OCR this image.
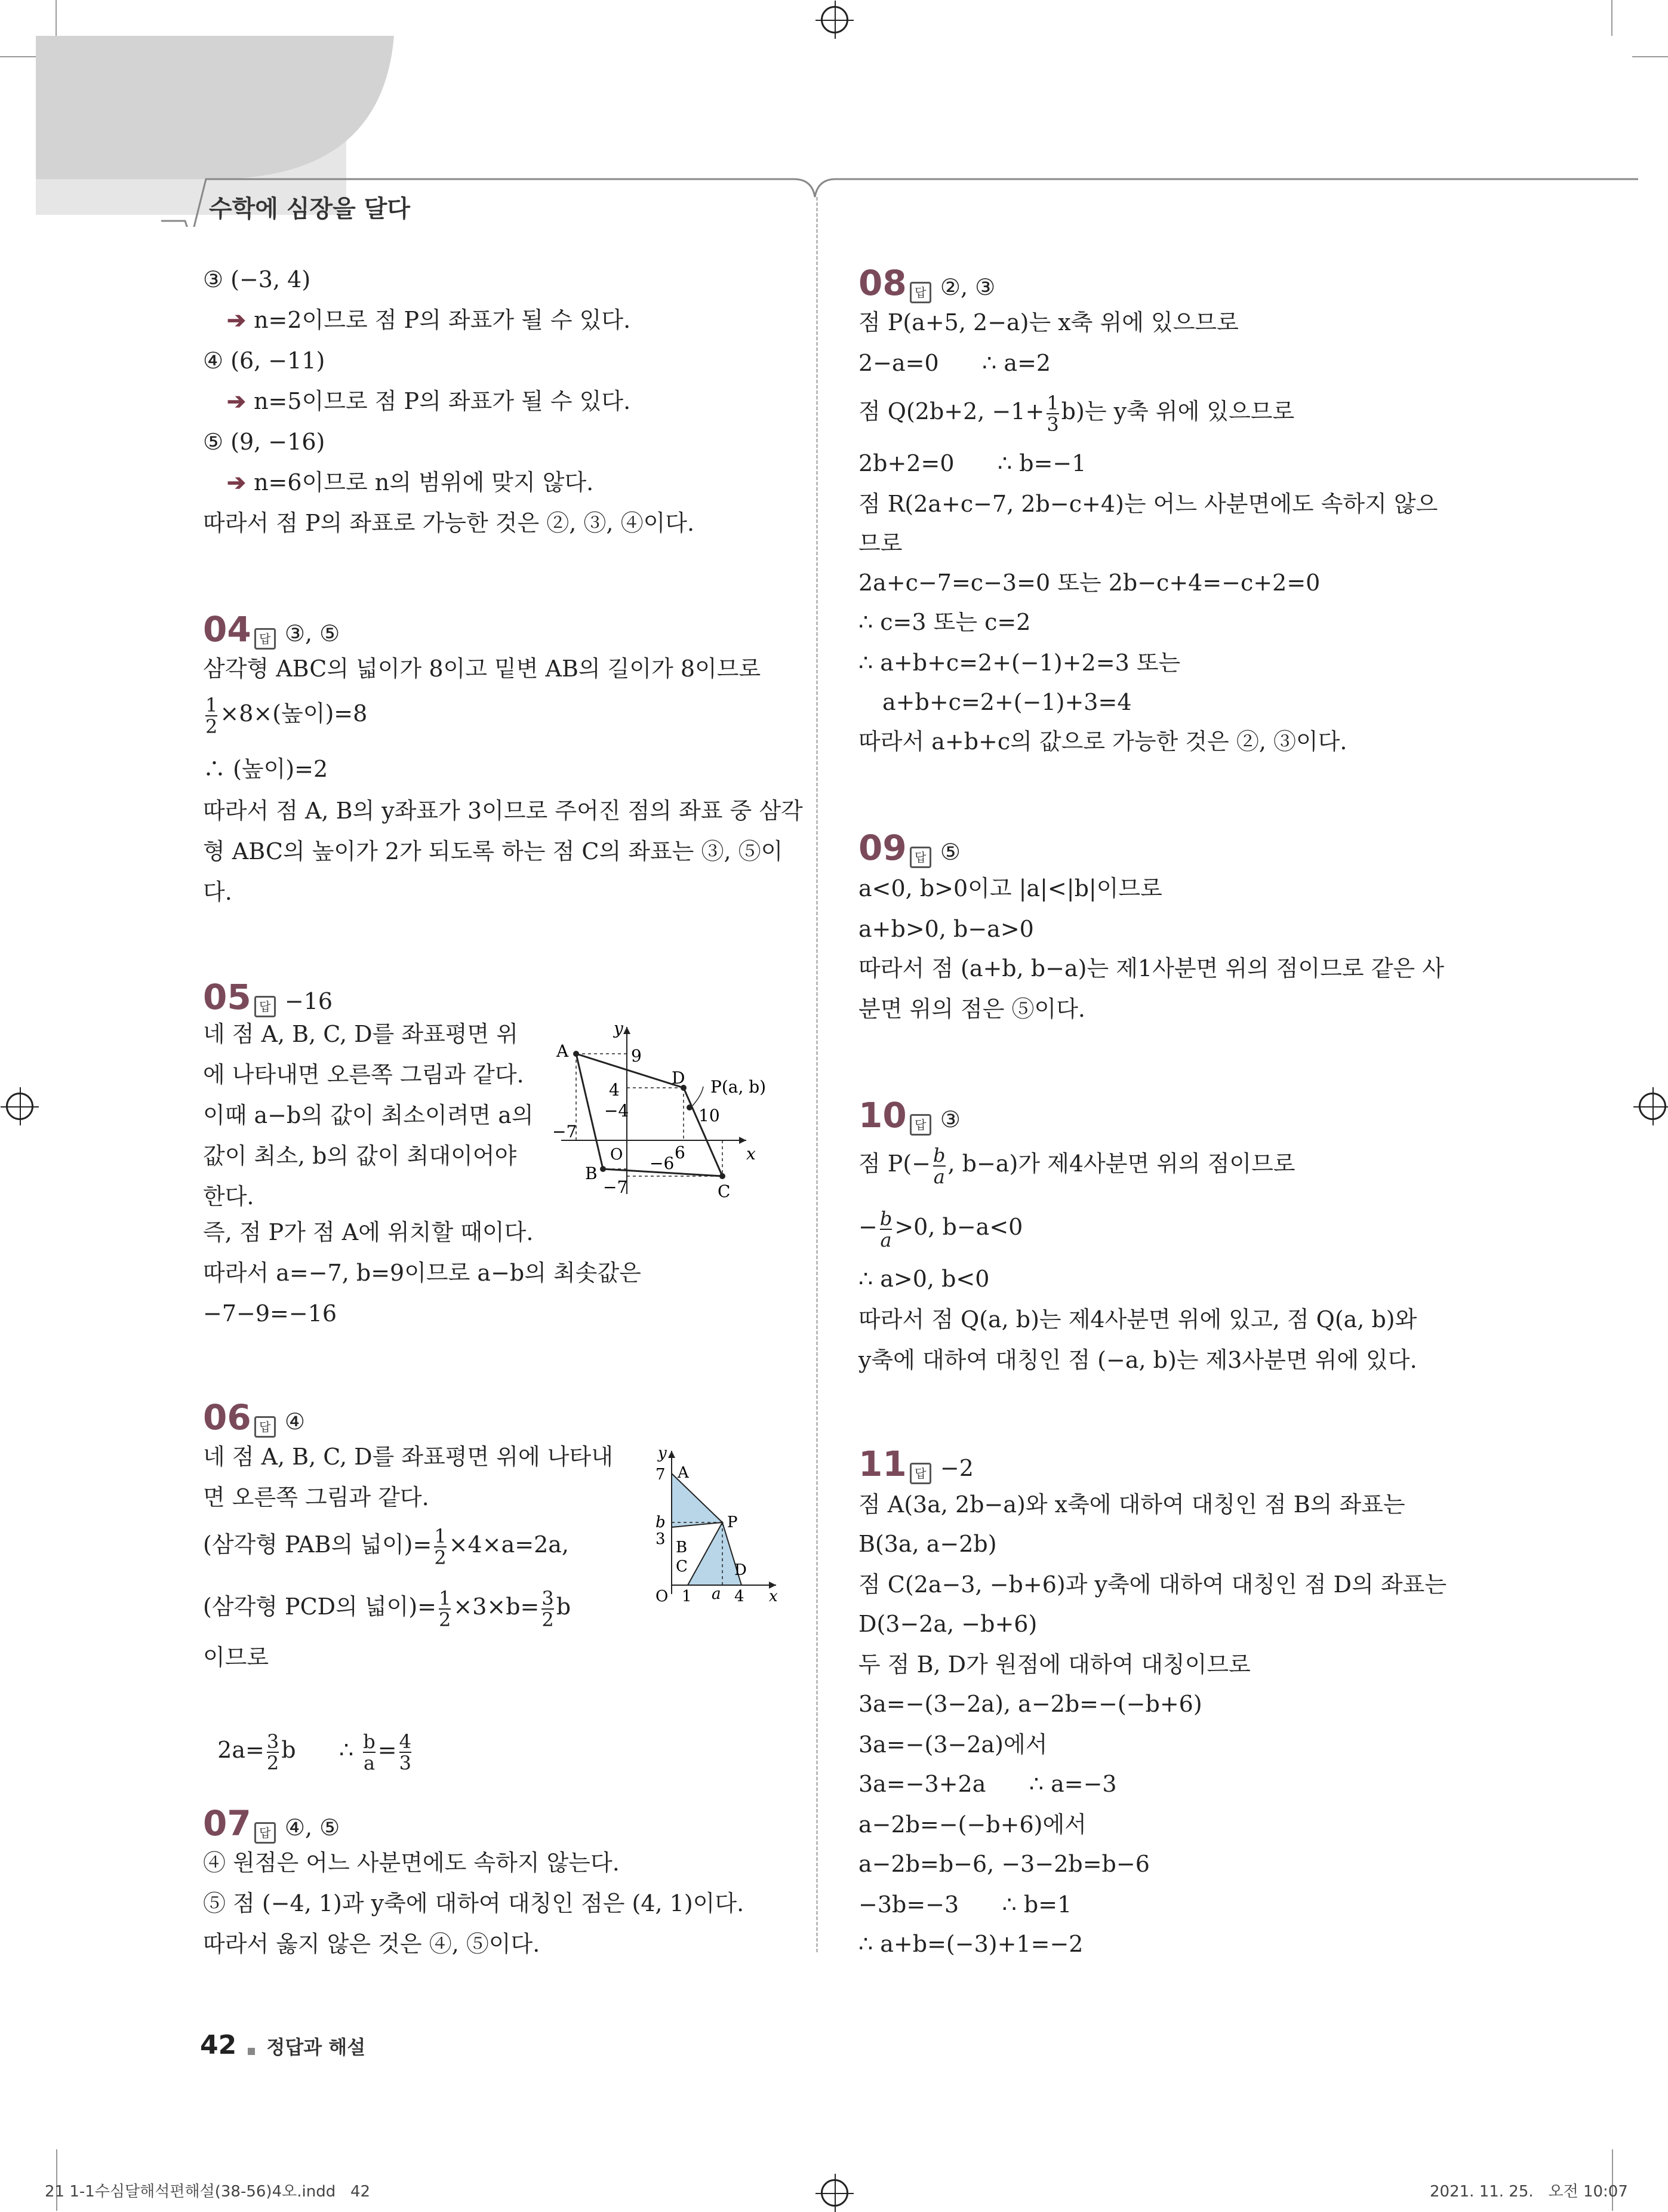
수학에 심장을 달다
③ (−3, 4)
➔ n=2이므로 점 P의 좌표가 될 수 있다.
④ (6, −11)
➔ n=5이므로 점 P의 좌표가 될 수 있다.
⑤ (9, −16)
➔ n=6이므로 n의 범위에 맞지 않다.
따라서 점 P의 좌표로 가능한 것은 ②, ③, ④이다.
04 답 ③, ⑤
삼각형 ABC의 넓이가 8이고 밑변 AB의 길이가 8이므로
$\frac{1}{2} \times 8\times$(높이)=8
∴ (높이)=2
따라서 점 A, B의 y좌표가 3이므로 주어진 점의 좌표 중 삼각
형 ABC의 높이가 2가 되도록 하는 점 C의 좌표는 ③, ⑤이
다.
05 답 −16
네 점 A, B, C, D를 좌표평면 위
에 나타내면 오른쪽 그림과 같다.
이때 a−b의 값이 최소이려면 a의
값이 최소, b의 값이 최대이어야
한다.
즉, 점 P가 점 A에 위치할 때이다.
따라서 a=−7, b=9이므로 a−b의 최솟값은
−7−9=−16
A
B
C
D P(a, b)
O	x
y
9
4
−4
−7
6
10
−6
−7
06 답 ④
네 점 A, B, C, D를 좌표평면 위에 나타내
면 오른쪽 그림과 같다.
(삼각형 PAB의 넓이)= $\frac{1}{2} \times 4\times a=2a$,
(삼각형 PCD의 넓이)= $\frac{1}{2} \times 3\times b= \frac{3}{2}$ b
이므로

$2a= \frac{3}{2}$ b      ∴ $\frac{b}{a} = \frac{4}{3}$

A
B
C	D
P
O	x
y
7
b
3
1 a 4
07 답 ④, ⑤
④ 원점은 어느 사분면에도 속하지 않는다.
⑤ 점 (−4, 1)과 y축에 대하여 대칭인 점은 (4, 1)이다.
따라서 옳지 않은 것은 ④, ⑤이다.
08 답 ②, ③
점 P(a+5, 2−a)는 x축 위에 있으므로
2−a=0      ∴ a=2
점 Q(2b+2, $-1+ \frac{1}{3} b$)는 y축 위에 있으므로
2b+2=0      ∴ b=−1
점 R(2a+c−7, 2b−c+4)는 어느 사분면에도 속하지 않으
므로
2a+c−7=c−3=0 또는 2b−c+4=−c+2=0
∴ c=3 또는 c=2
∴ a+b+c=2+(−1)+2=3 또는
a+b+c=2+(−1)+3=4
따라서 a+b+c의 값으로 가능한 것은 ②, ③이다.
09 답 ⑤
a<0, b>0이고 |a|<|b|이므로
a+b>0, b−a>0
따라서 점 (a+b, b−a)는 제1사분면 위의 점이므로 같은 사
분면 위의 점은 ⑤이다.
10 답 ③
점 $P(- \frac{b}{a}$ , b−a)가 제4사분면 위의 점이므로
− $\frac{b}{a} >0$, b−a<0
∴ a>0, b<0
따라서 점 Q(a, b)는 제4사분면 위에 있고, 점 Q(a, b)와
y축에 대하여 대칭인 점 (−a, b)는 제3사분면 위에 있다.
11 답 −2
점 A(3a, 2b−a)와 x축에 대하여 대칭인 점 B의 좌표는
B(3a, a−2b)
점 C(2a−3, −b+6)과 y축에 대하여 대칭인 점 D의 좌표는
D(3−2a, −b+6)
두 점 B, D가 원점에 대하여 대칭이므로
3a=−(3−2a), a−2b=−(−b+6)
3a=−(3−2a)에서
3a=−3+2a      ∴ a=−3
a−2b=−(−b+6)에서
a−2b=b−6, −3−2b=b−6
−3b=−3      ∴ b=1
∴ a+b=(−3)+1=−2
42 정답과 해설
21 1-1수심달해석편해설(38-56)4오.indd   42	2021. 11. 25.   오전 10:07
